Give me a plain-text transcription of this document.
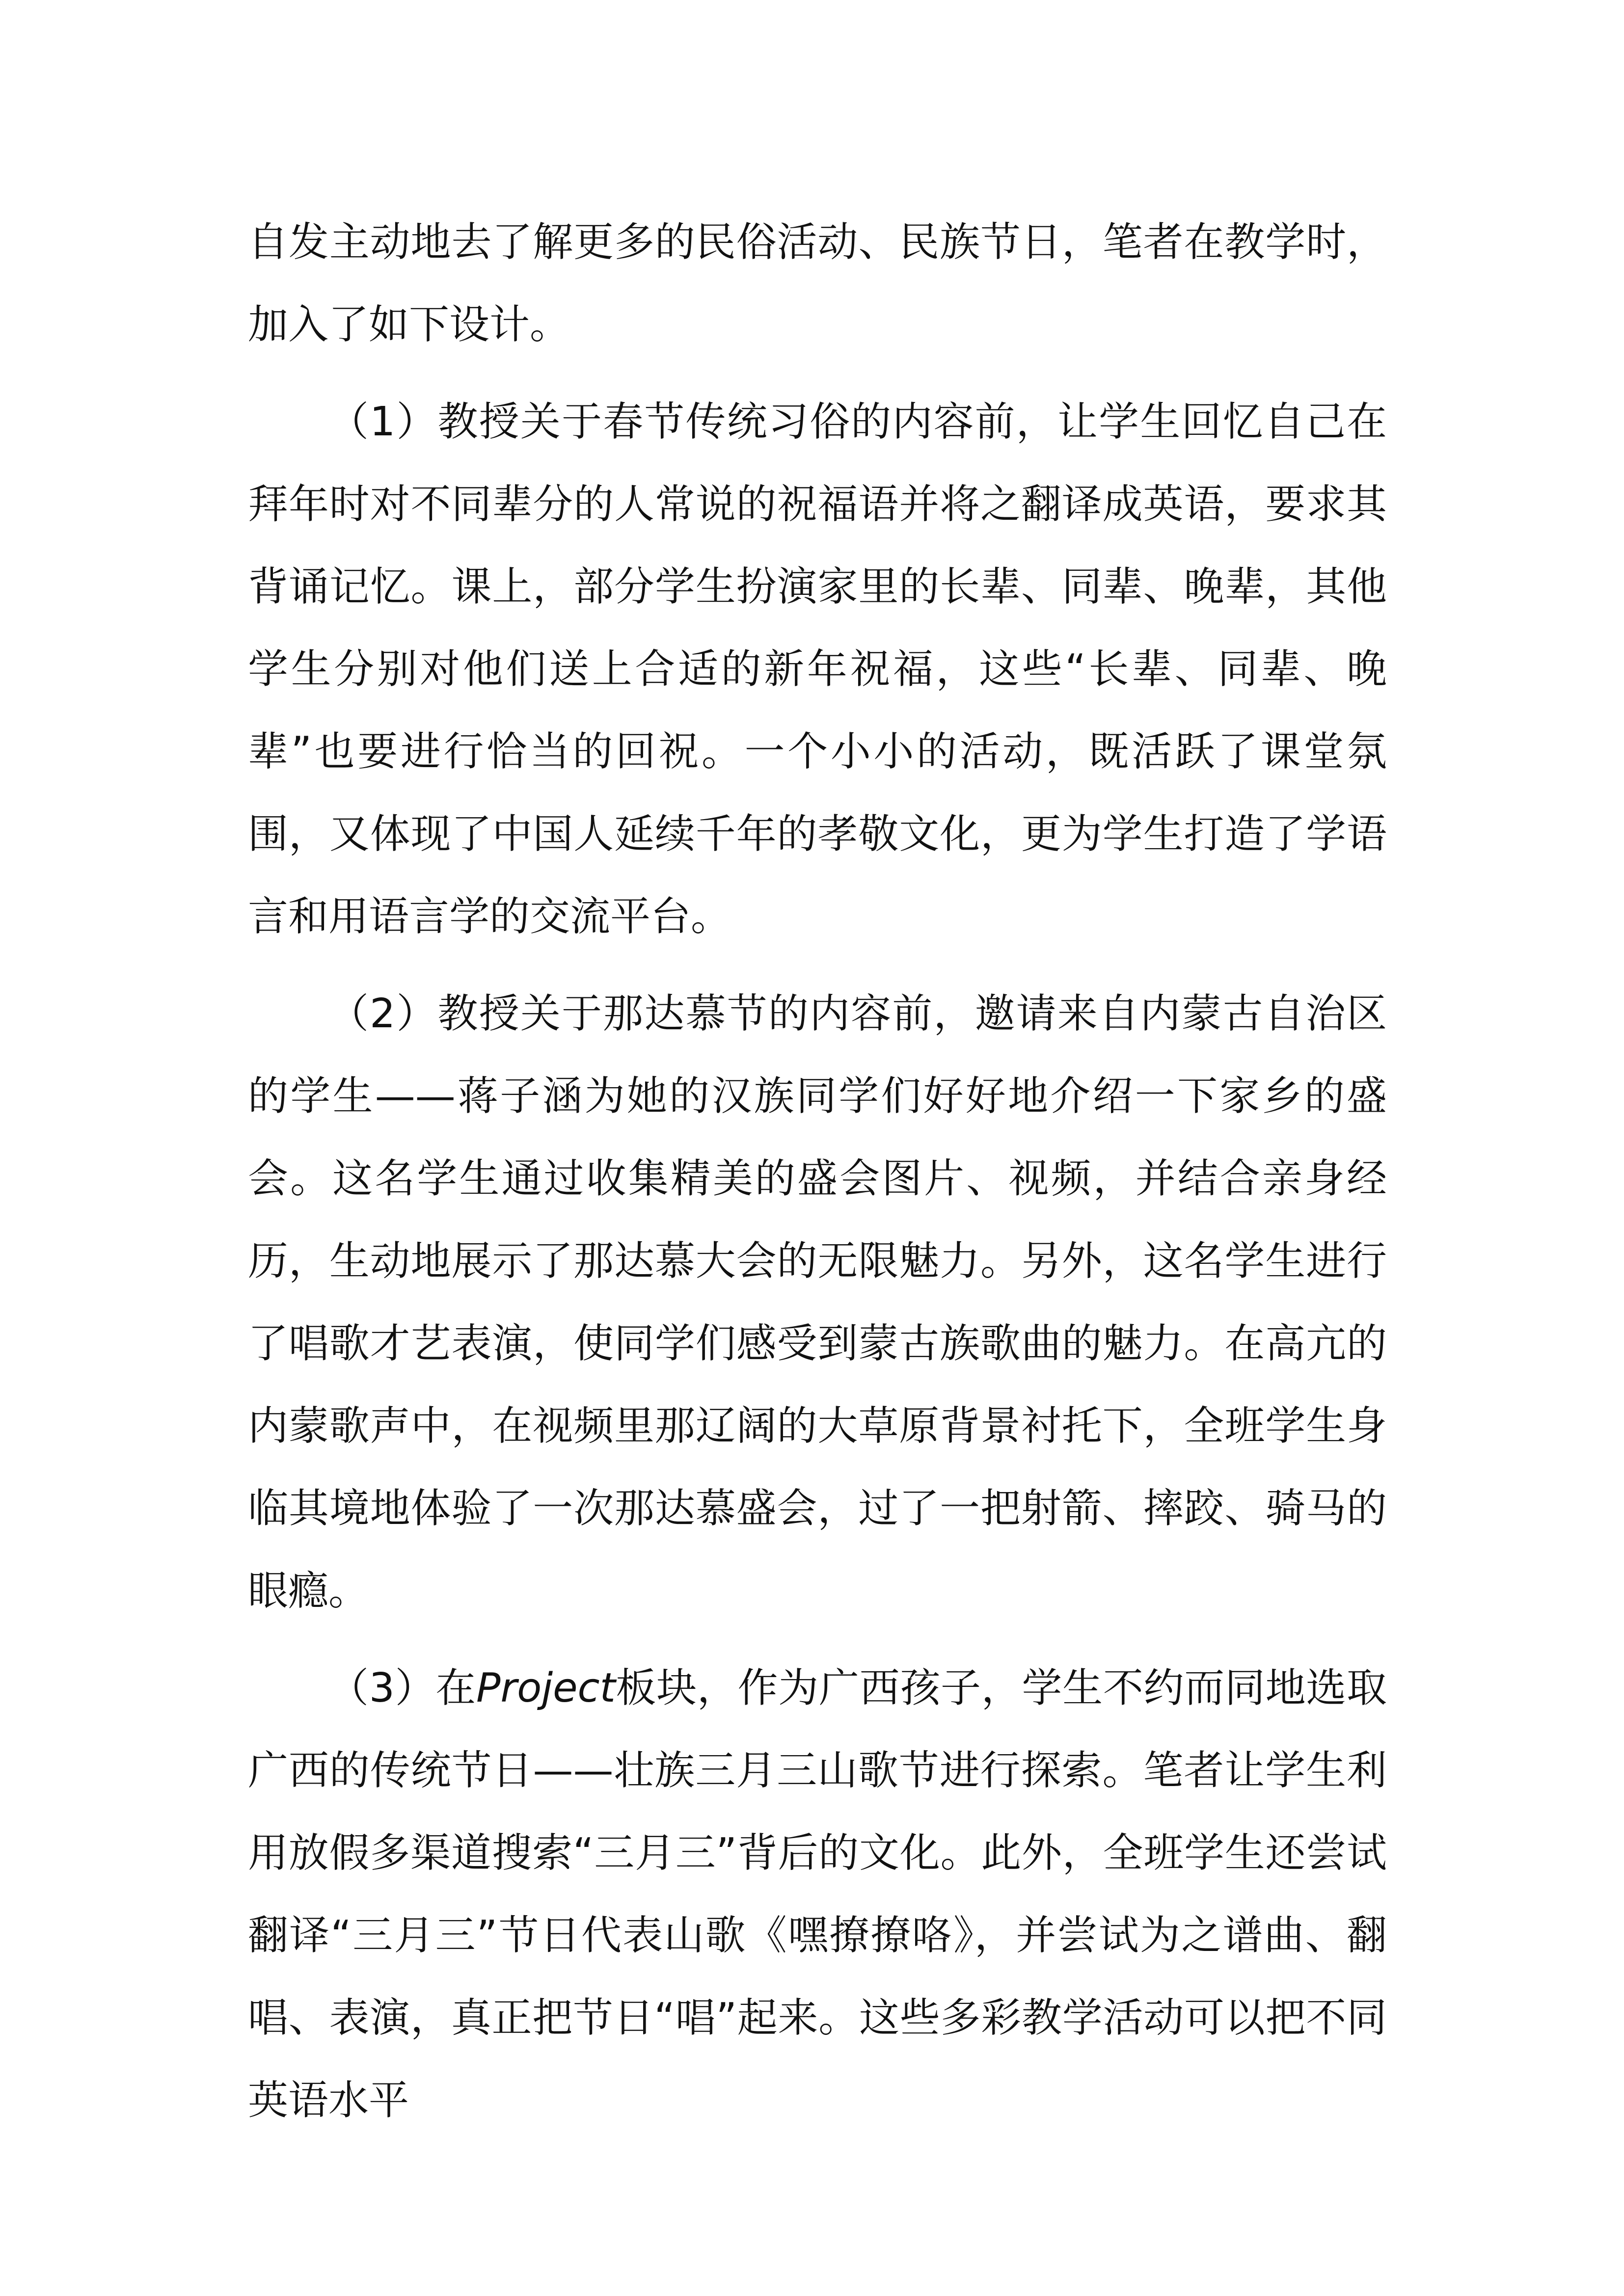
自发主动地去了解更多的民俗活动、民族节日，笔者在教学时，加入了如下设计。

（1）教授关于春节传统习俗的内容前，让学生回忆自己在拜年时对不同辈分的人常说的祝福语并将之翻译成英语，要求其背诵记忆。课上，部分学生扮演家里的长辈、同辈、晚辈，其他学生分别对他们送上合适的新年祝福，这些“长辈、同辈、晚辈”也要进行恰当的回祝。一个小小的活动，既活跃了课堂氛围，又体现了中国人延续千年的孝敬文化，更为学生打造了学语言和用语言学的交流平台。

（2）教授关于那达慕节的内容前，邀请来自内蒙古自治区的学生——蒋子涵为她的汉族同学们好好地介绍一下家乡的盛会。这名学生通过收集精美的盛会图片、视频，并结合亲身经历，生动地展示了那达慕大会的无限魅力。另外，这名学生进行了唱歌才艺表演，使同学们感受到蒙古族歌曲的魅力。在高亢的内蒙歌声中，在视频里那辽阔的大草原背景衬托下，全班学生身临其境地体验了一次那达慕盛会，过了一把射箭、摔跤、骑马的眼瘾。

（3）在Project板块，作为广西孩子，学生不约而同地选取广西的传统节日——壮族三月三山歌节进行探索。笔者让学生利用放假多渠道搜索“三月三”背后的文化。此外，全班学生还尝试翻译“三月三”节日代表山歌《嘿撩撩咯》，并尝试为之谱曲、翻唱、表演，真正把节日“唱”起来。这些多彩教学活动可以把不同英语水平
